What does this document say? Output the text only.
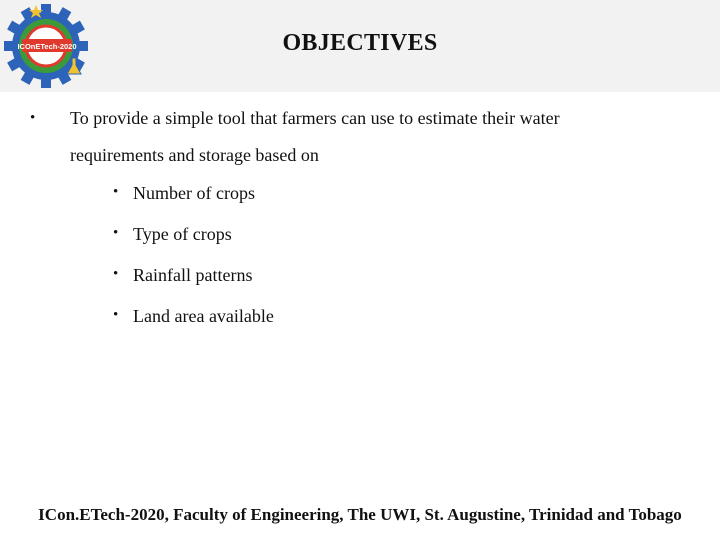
ICOnETech-2020	OBJECTIVES
• To provide a simple tool that farmers can use to estimate their water
requirements and storage based on
• Number of crops
• Type of crops
• Rainfall patterns
• Land area available
ICon.ETech-2020, Faculty of Engineering, The UWI, St. Augustine, Trinidad and Tobago
